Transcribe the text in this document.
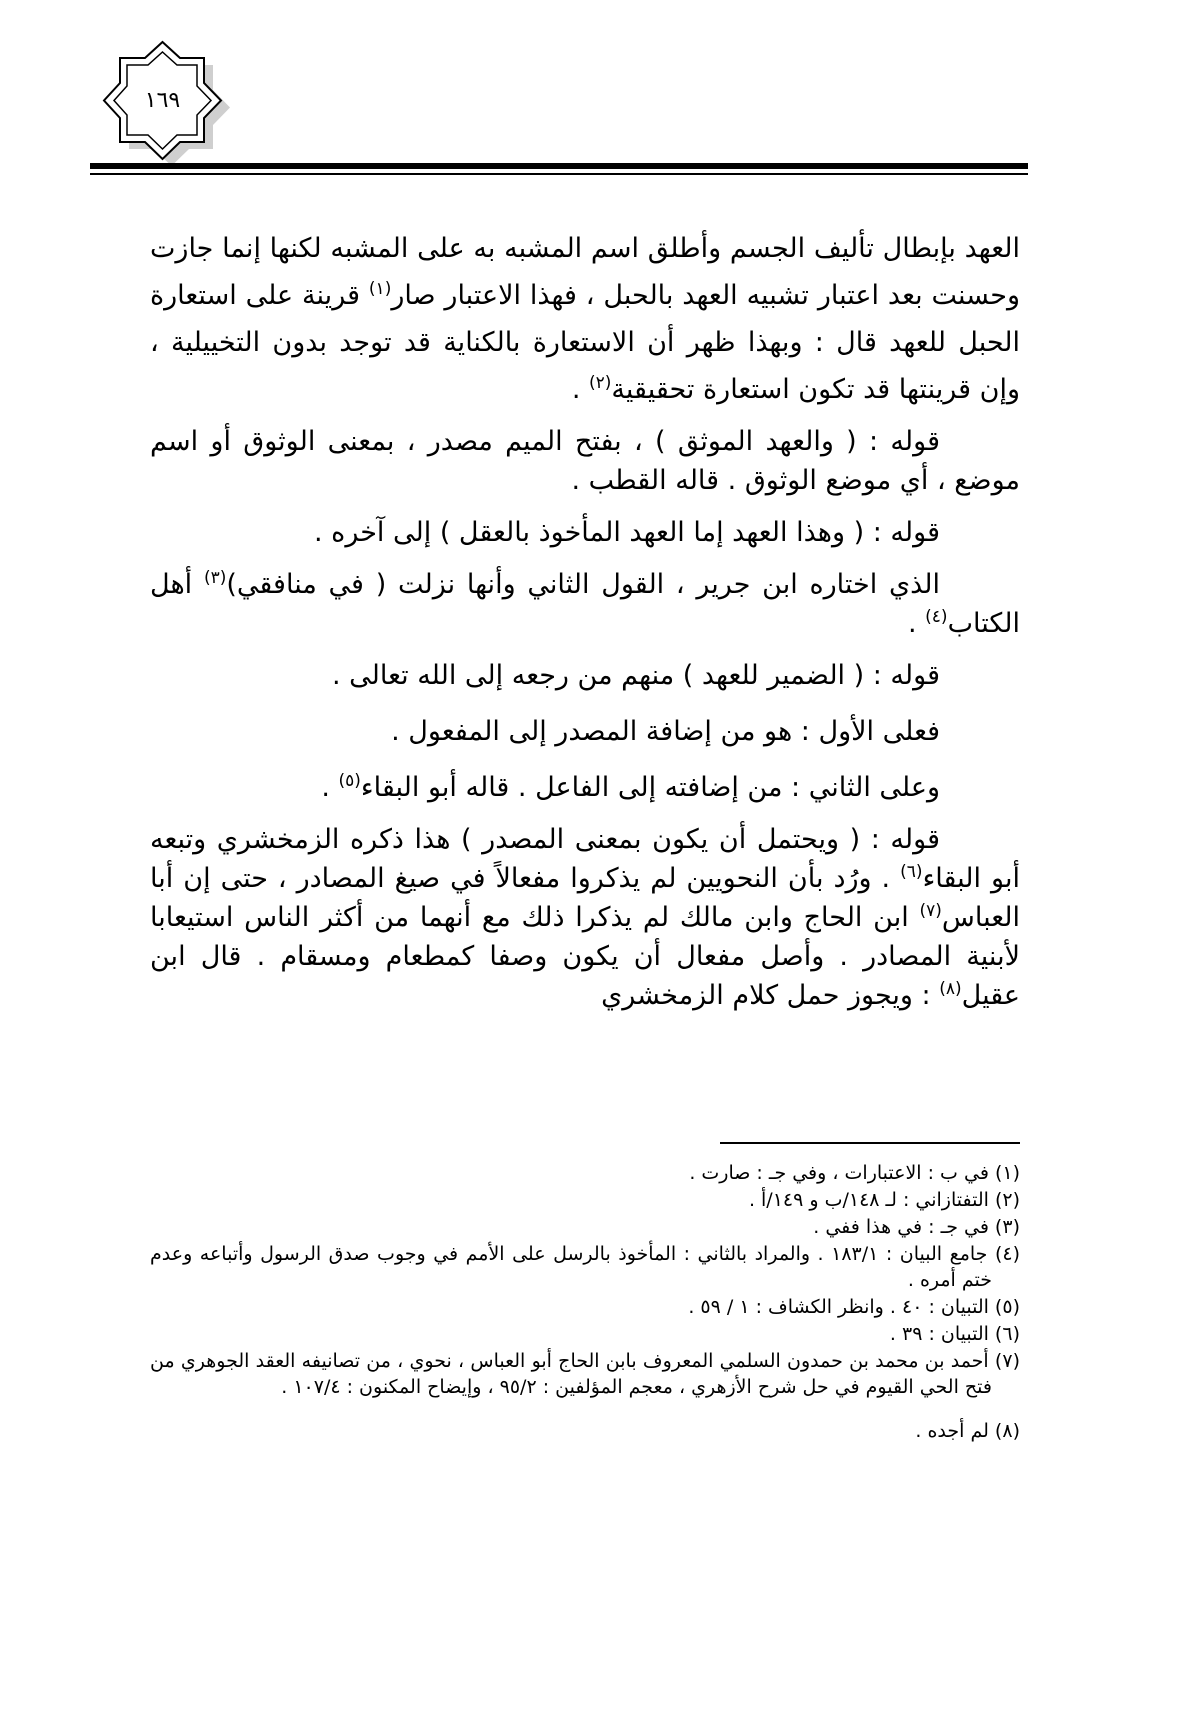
١٦٩

العهد بإبطال تأليف الجسم وأطلق اسم المشبه به على المشبه لكنها إنما جازت وحسنت بعد اعتبار تشبيه العهد بالحبل ، فهذا الاعتبار صار$^{(١)}$ قرينة على استعارة الحبل للعهد قال : وبهذا ظهر أن الاستعارة بالكناية قد توجد بدون التخييلية ، وإن قرينتها قد تكون استعارة تحقيقية$^{(٢)}$ .

قوله : ( والعهد الموثق ) ، بفتح الميم مصدر ، بمعنى الوثوق أو اسم موضع ، أي موضع الوثوق . قاله القطب .

قوله : ( وهذا العهد إما العهد المأخوذ بالعقل ) إلى آخره .

الذي اختاره ابن جرير ، القول الثاني وأنها نزلت ( في منافقي)$^{(٣)}$ أهل الكتاب$^{(٤)}$ .

قوله : ( الضمير للعهد ) منهم من رجعه إلى الله تعالى .

فعلى الأول : هو من إضافة المصدر إلى المفعول .

وعلى الثاني : من إضافته إلى الفاعل . قاله أبو البقاء$^{(٥)}$ .

قوله : ( ويحتمل أن يكون بمعنى المصدر ) هذا ذكره الزمخشري وتبعه أبو البقاء$^{(٦)}$ . ورُد بأن النحويين لم يذكروا مفعالاً في صيغ المصادر ، حتى إن أبا العباس$^{(٧)}$ ابن الحاج وابن مالك لم يذكرا ذلك مع أنهما من أكثر الناس استيعابا لأبنية المصادر . وأصل مفعال أن يكون وصفا كمطعام ومسقام . قال ابن عقيل$^{(٨)}$ : ويجوز حمل كلام الزمخشري

(١) في ب : الاعتبارات ، وفي جـ : صارت .

(٢) التفتازاني : لـ ١٤٨/ب و ١٤٩/أ .

(٣) في جـ : في هذا ففي .

(٤) جامع البيان : ١٨٣/١ . والمراد بالثاني : المأخوذ بالرسل على الأمم في وجوب صدق الرسول وأتباعه وعدم ختم أمره .

(٥) التبيان : ٤٠ . وانظر الكشاف : ١ / ٥٩ .

(٦) التبيان : ٣٩ .

(٧) أحمد بن محمد بن حمدون السلمي المعروف بابن الحاج أبو العباس ، نحوي ، من تصانيفه العقد الجوهري من فتح الحي القيوم في حل شرح الأزهري ، معجم المؤلفين : ٩٥/٢ ، وإيضاح المكنون : ١٠٧/٤ .

(٨) لم أجده .
